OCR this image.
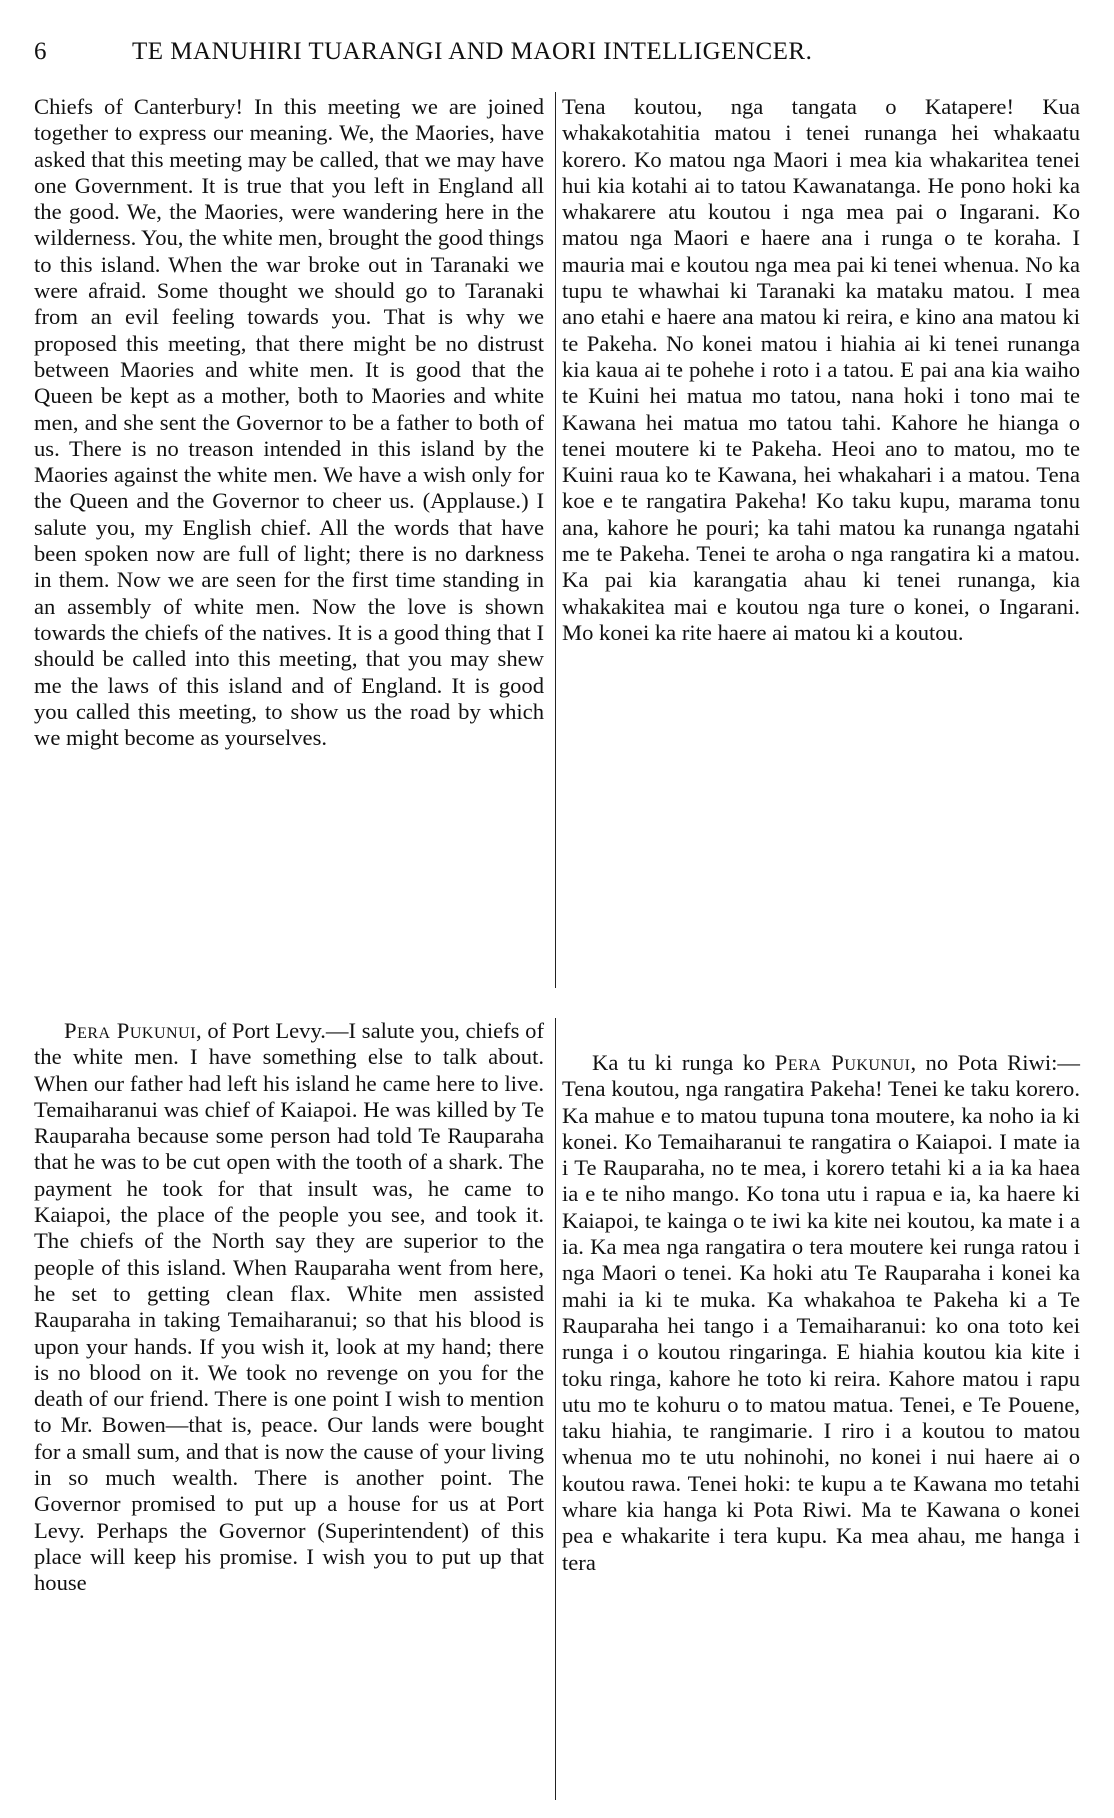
6	TE MANUHIRI TUARANGI AND MAORI INTELLIGENCER.

Chiefs of Canterbury! In this meeting we are joined together to express our meaning. We, the Maories, have asked that this meeting may be called, that we may have one Government. It is true that you left in England all the good. We, the Maories, were wandering here in the wilderness. You, the white men, brought the good things to this island. When the war broke out in Taranaki we were afraid. Some thought we should go to Taranaki from an evil feeling towards you. That is why we proposed this meeting, that there might be no distrust between Maories and white men. It is good that the Queen be kept as a mother, both to Maories and white men, and she sent the Governor to be a father to both of us. There is no treason intended in this island by the Maories against the white men. We have a wish only for the Queen and the Governor to cheer us. (Applause.) I salute you, my English chief. All the words that have been spoken now are full of light; there is no darkness in them. Now we are seen for the first time standing in an assembly of white men. Now the love is shown towards the chiefs of the natives. It is a good thing that I should be called into this meeting, that you may shew me the laws of this island and of England. It is good you called this meeting, to show us the road by which we might become as yourselves.

Tena koutou, nga tangata o Katapere! Kua whakakotahitia matou i tenei runanga hei whakaatu korero. Ko matou nga Maori i mea kia whakaritea tenei hui kia kotahi ai to tatou Kawanatanga. He pono hoki ka whakarere atu koutou i nga mea pai o Ingarani. Ko matou nga Maori e haere ana i runga o te koraha. I mauria mai e koutou nga mea pai ki tenei whenua. No ka tupu te whawhai ki Taranaki ka mataku matou. I mea ano etahi e haere ana matou ki reira, e kino ana matou ki te Pakeha. No konei matou i hiahia ai ki tenei runanga kia kaua ai te pohehe i roto i a tatou. E pai ana kia waiho te Kuini hei matua mo tatou, nana hoki i tono mai te Kawana hei matua mo tatou tahi. Kahore he hianga o tenei moutere ki te Pakeha. Heoi ano to matou, mo te Kuini raua ko te Kawana, hei whakahari i a matou. Tena koe e te rangatira Pakeha! Ko taku kupu, marama tonu ana, kahore he pouri; ka tahi matou ka runanga ngatahi me te Pakeha. Tenei te aroha o nga rangatira ki a matou. Ka pai kia karangatia ahau ki tenei runanga, kia whakakitea mai e koutou nga ture o konei, o Ingarani. Mo konei ka rite haere ai matou ki a koutou.

Pera Pukunui, of Port Levy.—I salute you, chiefs of the white men. I have something else to talk about. When our father had left his island he came here to live. Temaiharanui was chief of Kaiapoi. He was killed by Te Rauparaha because some person had told Te Rauparaha that he was to be cut open with the tooth of a shark. The payment he took for that insult was, he came to Kaiapoi, the place of the people you see, and took it. The chiefs of the North say they are superior to the people of this island. When Rauparaha went from here, he set to getting clean flax. White men assisted Rauparaha in taking Temaiharanui; so that his blood is upon your hands. If you wish it, look at my hand; there is no blood on it. We took no revenge on you for the death of our friend. There is one point I wish to mention to Mr. Bowen—that is, peace. Our lands were bought for a small sum, and that is now the cause of your living in so much wealth. There is another point. The Governor promised to put up a house for us at Port Levy. Perhaps the Governor (Superintendent) of this place will keep his promise. I wish you to put up that house

Ka tu ki runga ko Pera Pukunui, no Pota Riwi:—Tena koutou, nga rangatira Pakeha! Tenei ke taku korero. Ka mahue e to matou tupuna tona moutere, ka noho ia ki konei. Ko Temaiharanui te rangatira o Kaiapoi. I mate ia i Te Rauparaha, no te mea, i korero tetahi ki a ia ka haea ia e te niho mango. Ko tona utu i rapua e ia, ka haere ki Kaiapoi, te kainga o te iwi ka kite nei koutou, ka mate i a ia. Ka mea nga rangatira o tera moutere kei runga ratou i nga Maori o tenei. Ka hoki atu Te Rauparaha i konei ka mahi ia ki te muka. Ka whakahoa te Pakeha ki a Te Rauparaha hei tango i a Temaiharanui: ko ona toto kei runga i o koutou ringaringa. E hiahia koutou kia kite i toku ringa, kahore he toto ki reira. Kahore matou i rapu utu mo te kohuru o to matou matua. Tenei, e Te Pouene, taku hiahia, te rangimarie. I riro i a koutou to matou whenua mo te utu nohinohi, no konei i nui haere ai o koutou rawa. Tenei hoki: te kupu a te Kawana mo tetahi whare kia hanga ki Pota Riwi. Ma te Kawana o konei pea e whakarite i tera kupu. Ka mea ahau, me hanga i tera
